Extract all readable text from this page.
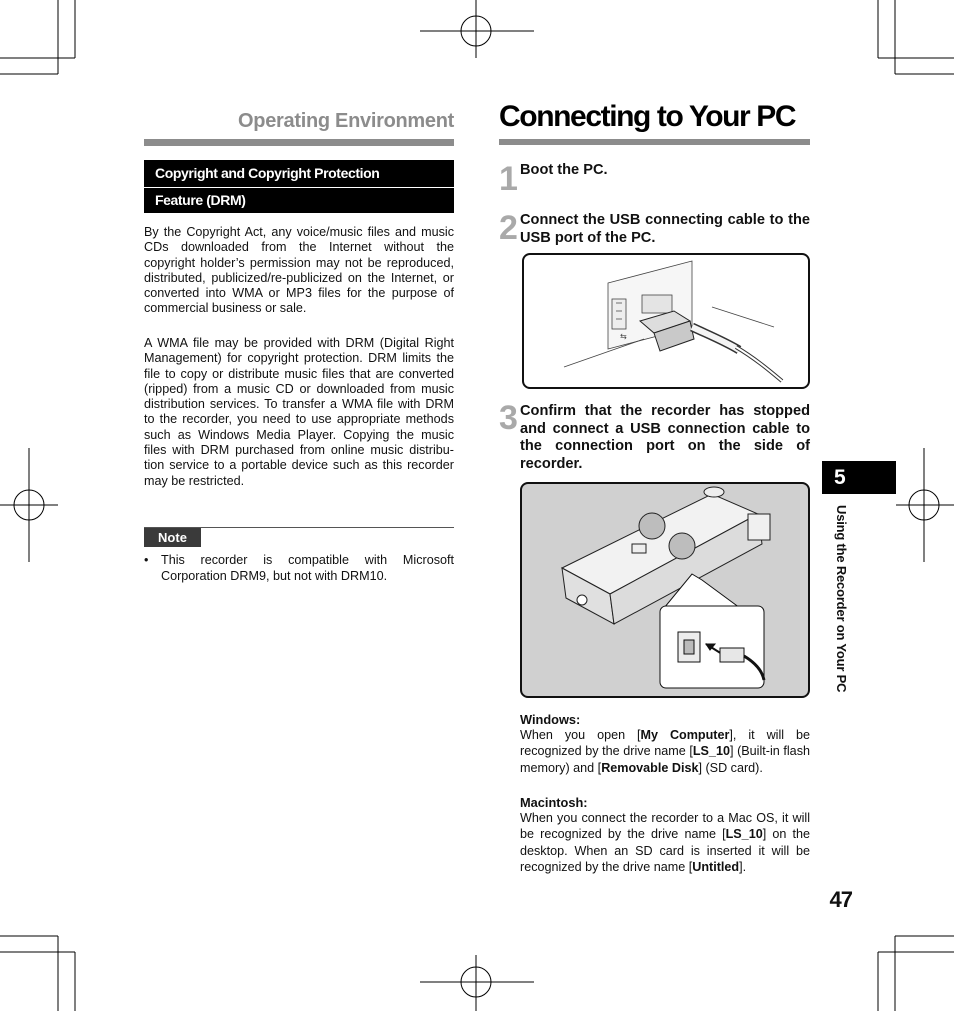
Operating Environment
Copyright and Copyright Protection
Feature (DRM)

By the Copyright Act, any voice/music files and music CDs downloaded from the Internet without the copyright holder’s permission may not be reproduced, distributed, publicized/re-publicized on the Internet, or converted into WMA or MP3 files for the purpose of commercial business or sale.

A WMA file may be provided with DRM (Digital Right Management) for copyright protection. DRM limits the file to copy or distribute music files that are converted (ripped) from a music CD or downloaded from music distribution services. To transfer a WMA file with DRM to the recorder, you need to use appropriate methods such as Windows Media Player. Copying the music files with DRM purchased from online music distribu-tion service to a portable device such as this recorder may be restricted.

Note
• This recorder is compatible with Microsoft Corporation DRM9, but not with DRM10.
Connecting to Your PC
1 Boot the PC.

2 Connect the USB connecting cable to the USB port of the PC.

⇆
3 Confirm that the recorder has stopped and connect a USB connection cable to the connection port on the side of recorder.

Windows:

When you open [My Computer], it will be recognized by the drive name [LS_10] (Built-in flash memory) and [Removable Disk] (SD card).

Macintosh:

When you connect the recorder to a Mac OS, it will be recognized by the drive name [LS_10] on the desktop. When an SD card is inserted it will be recognized by the drive name [Untitled].

5
Using the Recorder on Your PC
47
